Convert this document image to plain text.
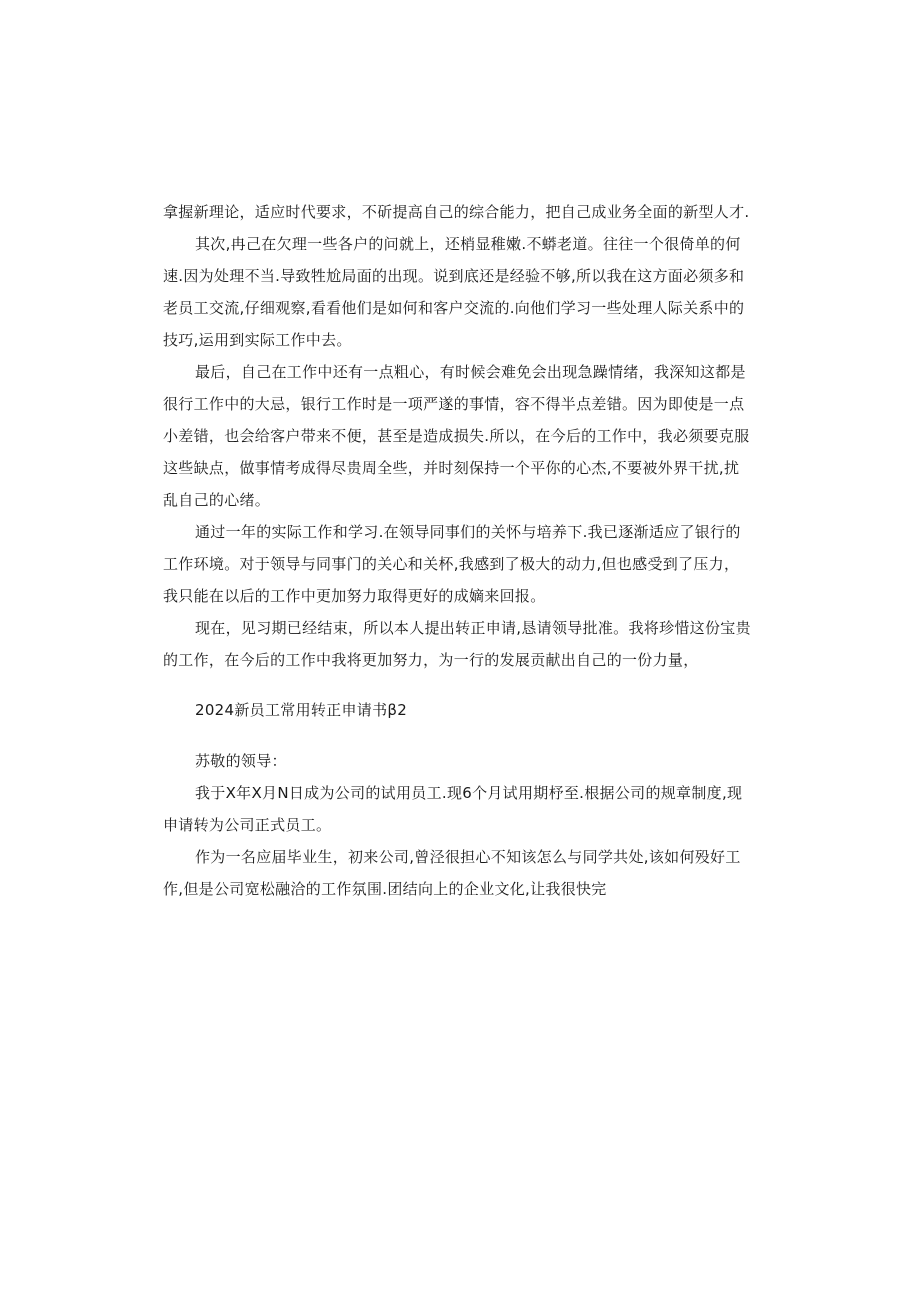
拿握新理论，适应时代要求，不斫提高自己的综合能力，把自己成业务全面的新型人才.

其次,冉己在欠理一些各户的问就上，还梢显稚嫩.不蟒老道。往往一个很倚单的何速.因为处理不当.导致牲尬局面的出现。说到底还是经验不够,所以我在这方面必须多和老员工交流,仔细观察,看看他们是如何和客户交流的.向他们学习一些处理人际关系中的技巧,运用到实际工作中去。

最后，自己在工作中还有一点粗心，有时候会难免会出现急躁情绪，我深知这都是很行工作中的大忌，银行工作时是一项严遂的事情，容不得半点差错。因为即使是一点小差错，也会给客户带来不便，甚至是造成损失.所以，在今后的工作中，我必须要克服这些缺点，做事情考成得尽贵周全些，并时刻保持一个平你的心杰,不要被外界干扰,扰乱自己的心绪。

通过一年的实际工作和学习.在领导同事们的关怀与培养下.我已逐渐适应了银行的工作环境。对于领导与同事门的关心和关杯,我感到了极大的动力,但也感受到了压力，我只能在以后的工作中更加努力取得更好的成嫡来回报。

现在，见习期已经结束，所以本人提出转正申请,恳请领导批准。我将珍惜这份宝贵的工作，在今后的工作中我将更加努力，为一行的发展贡献出自己的一份力量，

2024新员工常用转正申请书β2

苏敬的领导：

我于X年X月N日成为公司的试用员工.现6个月试用期杼至.根据公司的规章制度,现申请转为公司正式员工。

作为一名应届毕业生，初来公司,曾泾很担心不知该怎么与同学共处,该如何殁好工作,但是公司宽松融洽的工作氛围.团结向上的企业文化,让我很快完
